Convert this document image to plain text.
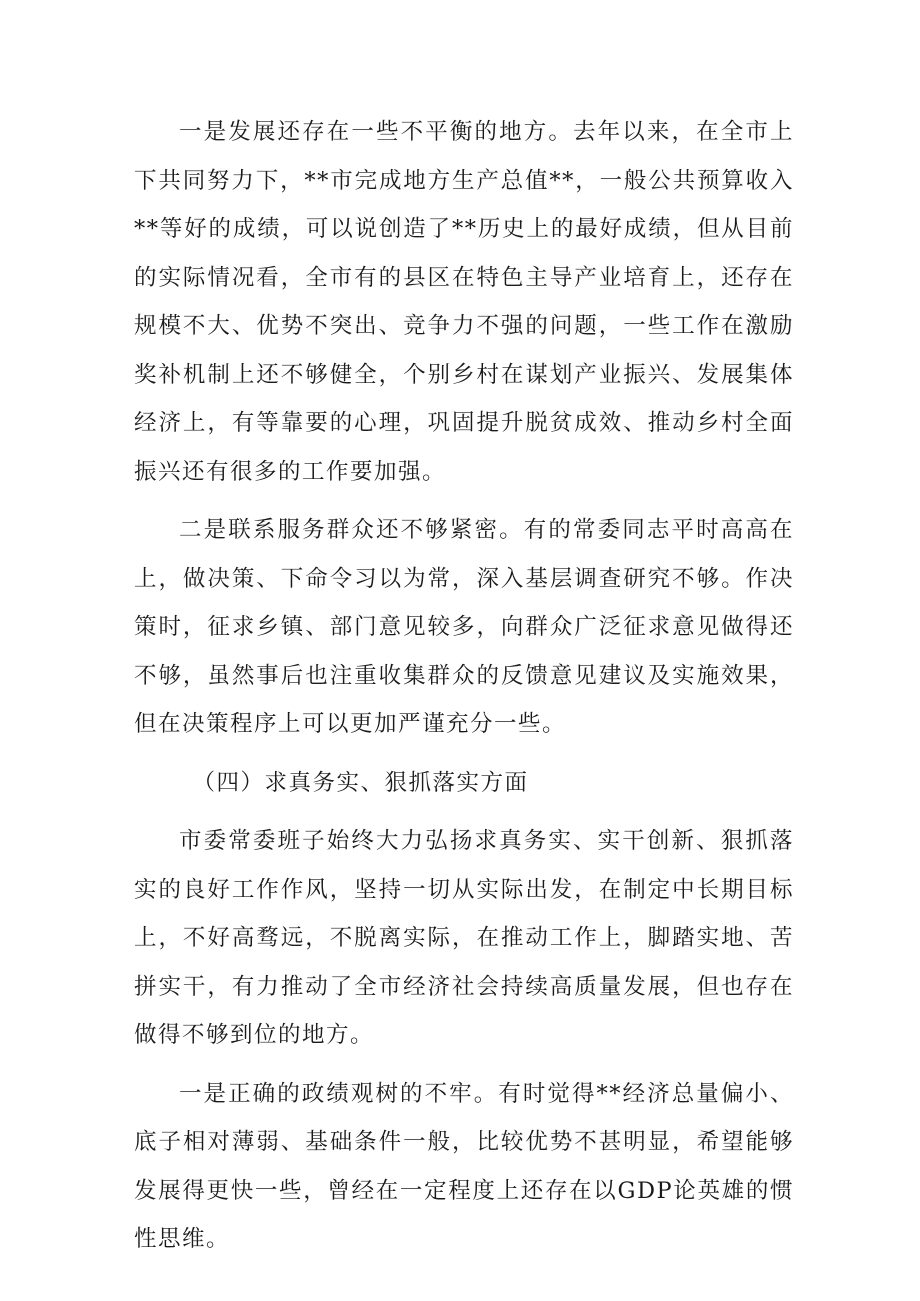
一是发展还存在一些不平衡的地方。去年以来，在全市上下共同努力下，**市完成地方生产总值**，一般公共预算收入**等好的成绩，可以说创造了**历史上的最好成绩，但从目前的实际情况看，全市有的县区在特色主导产业培育上，还存在规模不大、优势不突出、竞争力不强的问题，一些工作在激励奖补机制上还不够健全，个别乡村在谋划产业振兴、发展集体经济上，有等靠要的心理，巩固提升脱贫成效、推动乡村全面振兴还有很多的工作要加强。

二是联系服务群众还不够紧密。有的常委同志平时高高在上，做决策、下命令习以为常，深入基层调查研究不够。作决策时，征求乡镇、部门意见较多，向群众广泛征求意见做得还不够，虽然事后也注重收集群众的反馈意见建议及实施效果，但在决策程序上可以更加严谨充分一些。

（四）求真务实、狠抓落实方面

市委常委班子始终大力弘扬求真务实、实干创新、狠抓落实的良好工作作风，坚持一切从实际出发，在制定中长期目标上，不好高骛远，不脱离实际，在推动工作上，脚踏实地、苦拼实干，有力推动了全市经济社会持续高质量发展，但也存在做得不够到位的地方。

一是正确的政绩观树的不牢。有时觉得**经济总量偏小、底子相对薄弱、基础条件一般，比较优势不甚明显，希望能够发展得更快一些，曾经在一定程度上还存在以GDP论英雄的惯性思维。
